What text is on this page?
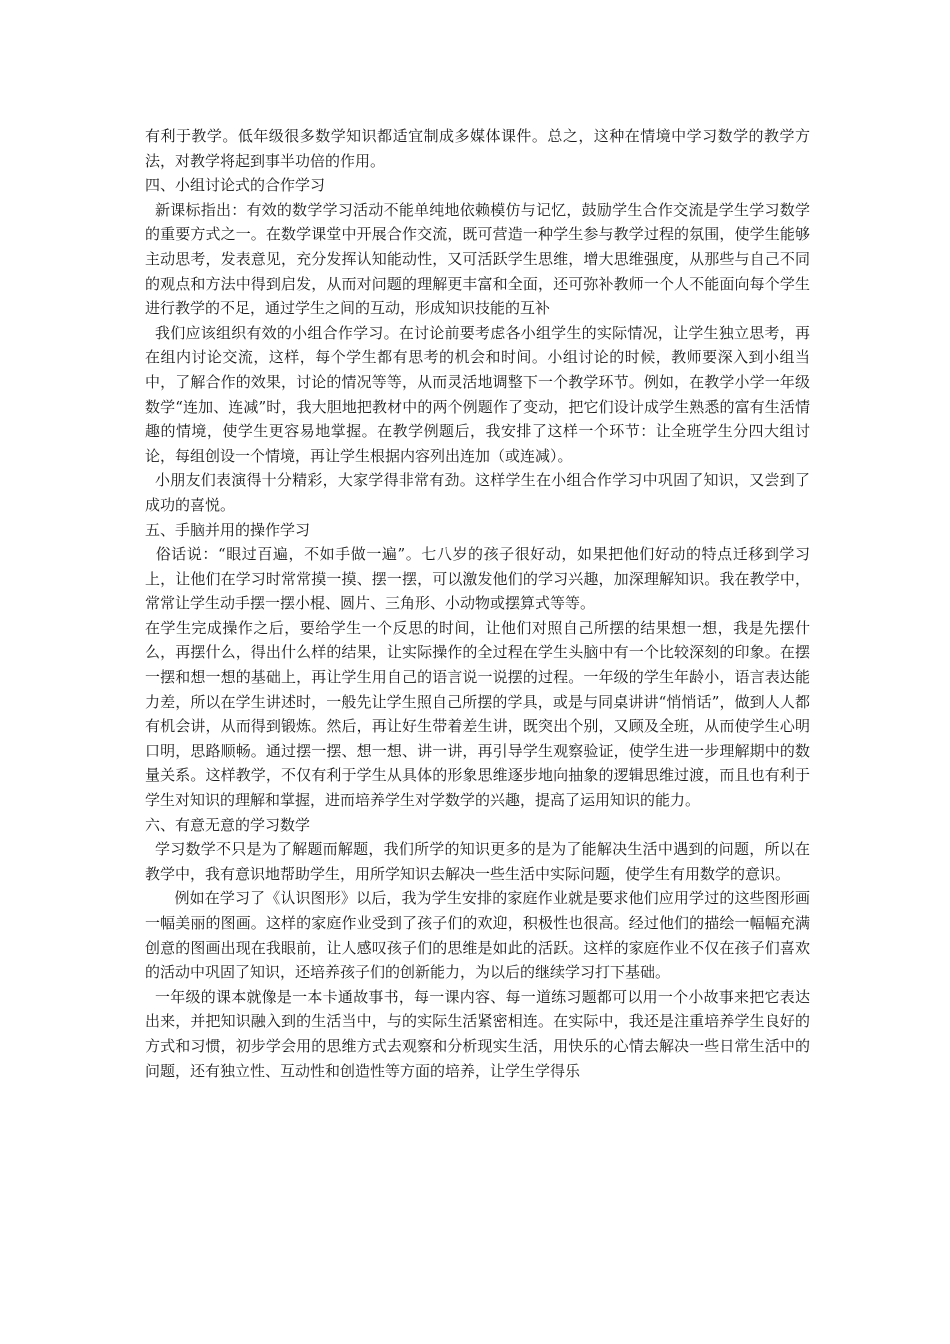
有利于教学。低年级很多数学知识都适宜制成多媒体课件。总之，这种在情境中学习数学的教学方法，对教学将起到事半功倍的作用。

四、小组讨论式的合作学习

新课标指出：有效的数学学习活动不能单纯地依赖模仿与记忆，鼓励学生合作交流是学生学习数学的重要方式之一。在数学课堂中开展合作交流，既可营造一种学生参与教学过程的氛围，使学生能够主动思考，发表意见，充分发挥认知能动性，又可活跃学生思维，增大思维强度，从那些与自己不同的观点和方法中得到启发，从而对问题的理解更丰富和全面，还可弥补教师一个人不能面向每个学生进行教学的不足，通过学生之间的互动，形成知识技能的互补

我们应该组织有效的小组合作学习。在讨论前要考虑各小组学生的实际情况，让学生独立思考，再在组内讨论交流，这样，每个学生都有思考的机会和时间。小组讨论的时候，教师要深入到小组当中，了解合作的效果，讨论的情况等等，从而灵活地调整下一个教学环节。例如，在教学小学一年级数学“连加、连减”时，我大胆地把教材中的两个例题作了变动，把它们设计成学生熟悉的富有生活情趣的情境，使学生更容易地掌握。在教学例题后，我安排了这样一个环节：让全班学生分四大组讨论，每组创设一个情境，再让学生根据内容列出连加（或连减）。

小朋友们表演得十分精彩，大家学得非常有劲。这样学生在小组合作学习中巩固了知识，又尝到了成功的喜悦。

五、手脑并用的操作学习

俗话说：“眼过百遍，不如手做一遍”。七八岁的孩子很好动，如果把他们好动的特点迁移到学习上，让他们在学习时常常摸一摸、摆一摆，可以激发他们的学习兴趣，加深理解知识。我在教学中，常常让学生动手摆一摆小棍、圆片、三角形、小动物或摆算式等等。

在学生完成操作之后，要给学生一个反思的时间，让他们对照自己所摆的结果想一想，我是先摆什么，再摆什么，得出什么样的结果，让实际操作的全过程在学生头脑中有一个比较深刻的印象。在摆一摆和想一想的基础上，再让学生用自己的语言说一说摆的过程。一年级的学生年龄小，语言表达能力差，所以在学生讲述时，一般先让学生照自己所摆的学具，或是与同桌讲讲“悄悄话”，做到人人都有机会讲，从而得到锻炼。然后，再让好生带着差生讲，既突出个别，又顾及全班，从而使学生心明口明，思路顺畅。通过摆一摆、想一想、讲一讲，再引导学生观察验证，使学生进一步理解期中的数量关系。这样教学，不仅有利于学生从具体的形象思维逐步地向抽象的逻辑思维过渡，而且也有利于学生对知识的理解和掌握，进而培养学生对学数学的兴趣，提高了运用知识的能力。

六、有意无意的学习数学

学习数学不只是为了解题而解题，我们所学的知识更多的是为了能解决生活中遇到的问题，所以在教学中，我有意识地帮助学生，用所学知识去解决一些生活中实际问题，使学生有用数学的意识。

例如在学习了《认识图形》以后，我为学生安排的家庭作业就是要求他们应用学过的这些图形画一幅美丽的图画。这样的家庭作业受到了孩子们的欢迎，积极性也很高。经过他们的描绘一幅幅充满创意的图画出现在我眼前，让人感叹孩子们的思维是如此的活跃。这样的家庭作业不仅在孩子们喜欢的活动中巩固了知识，还培养孩子们的创新能力，为以后的继续学习打下基础。

一年级的课本就像是一本卡通故事书，每一课内容、每一道练习题都可以用一个小故事来把它表达出来，并把知识融入到的生活当中，与的实际生活紧密相连。在实际中，我还是注重培养学生良好的方式和习惯，初步学会用的思维方式去观察和分析现实生活，用快乐的心情去解决一些日常生活中的问题，还有独立性、互动性和创造性等方面的培养，让学生学得乐
